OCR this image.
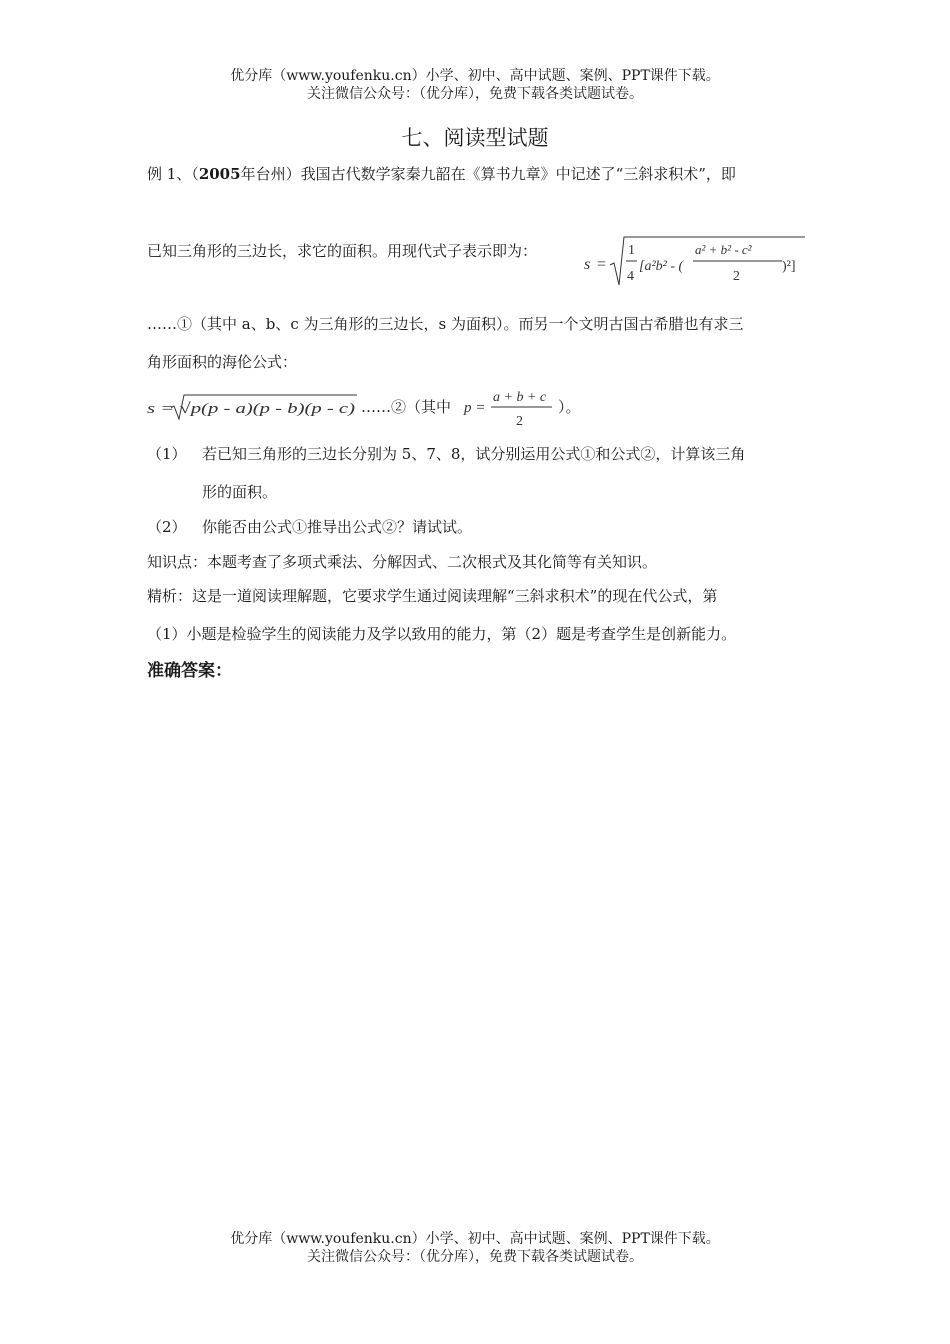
优分库（www.youfenku.cn）小学、初中、高中试题、案例、PPT课件下载。
关注微信公众号：（优分库），免费下载各类试题试卷。
七、阅读型试题
例 1、（2005年台州）我国古代数学家秦九韶在《算书九章》中记述了“三斜求积术”，即
已知三角形的三边长，求它的面积。用现代式子表示即为：
s =
1
4
[a²b² - (
a² + b² - c²
2
)²]
……①（其中 a、b、c 为三角形的三边长，s 为面积）。而另一个文明古国古希腊也有求三
角形面积的海伦公式：
s = √p(p - a)(p - b)(p - c) ……②（其中 p =
a + b + c
2
）。
（1）	若已知三角形的三边长分别为 5、7、8，试分别运用公式①和公式②，计算该三角
形的面积。
（2）	你能否由公式①推导出公式②？请试试。
知识点：本题考查了多项式乘法、分解因式、二次根式及其化简等有关知识。
精析：这是一道阅读理解题，它要求学生通过阅读理解“三斜求积术”的现在代公式，第
（1）小题是检验学生的阅读能力及学以致用的能力，第（2）题是考查学生是创新能力。
准确答案：
优分库（www.youfenku.cn）小学、初中、高中试题、案例、PPT课件下载。
关注微信公众号：（优分库），免费下载各类试题试卷。
